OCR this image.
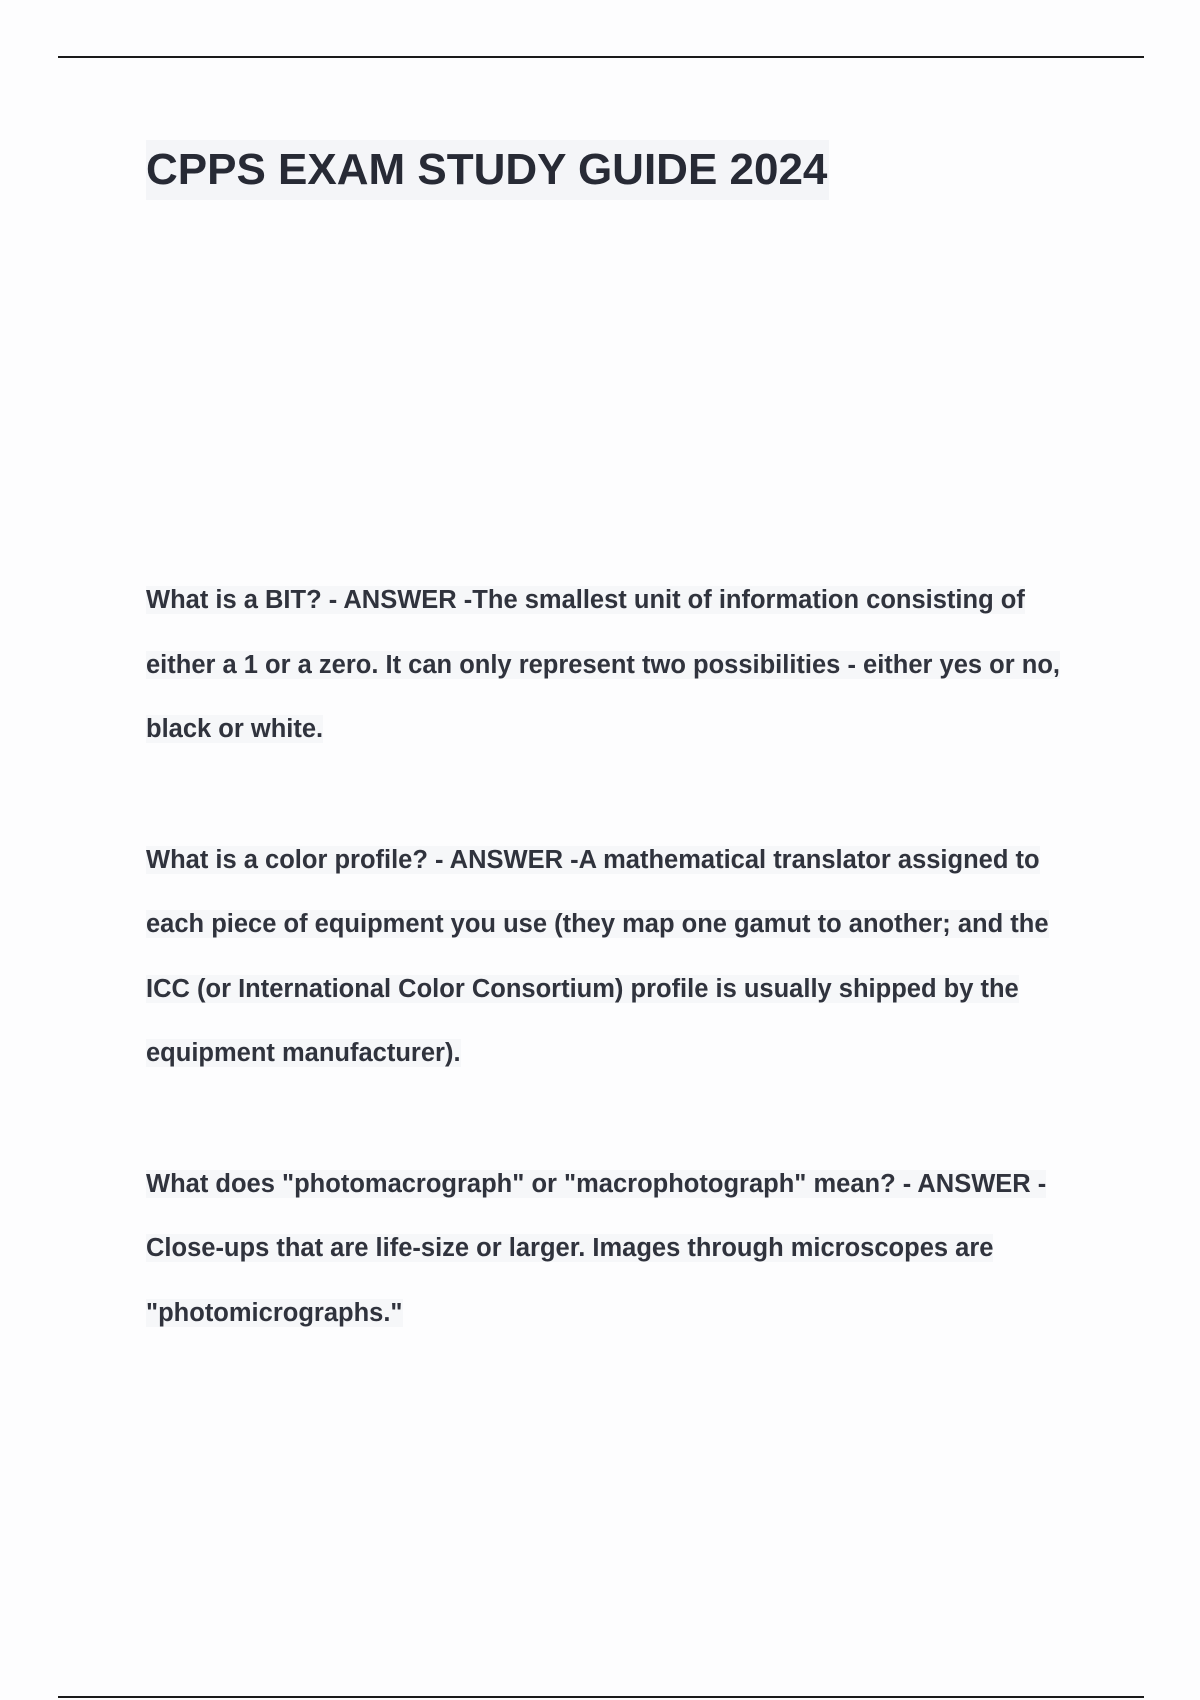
CPPS EXAM STUDY GUIDE 2024

What is a BIT? - ANSWER -The smallest unit of information consisting of either a 1 or a zero. It can only represent two possibilities - either yes or no, black or white.

What is a color profile? - ANSWER -A mathematical translator assigned to each piece of equipment you use (they map one gamut to another; and the ICC (or International Color Consortium) profile is usually shipped by the equipment manufacturer).

What does "photomacrograph" or "macrophotograph" mean? - ANSWER -Close-ups that are life-size or larger. Images through microscopes are "photomicrographs."
